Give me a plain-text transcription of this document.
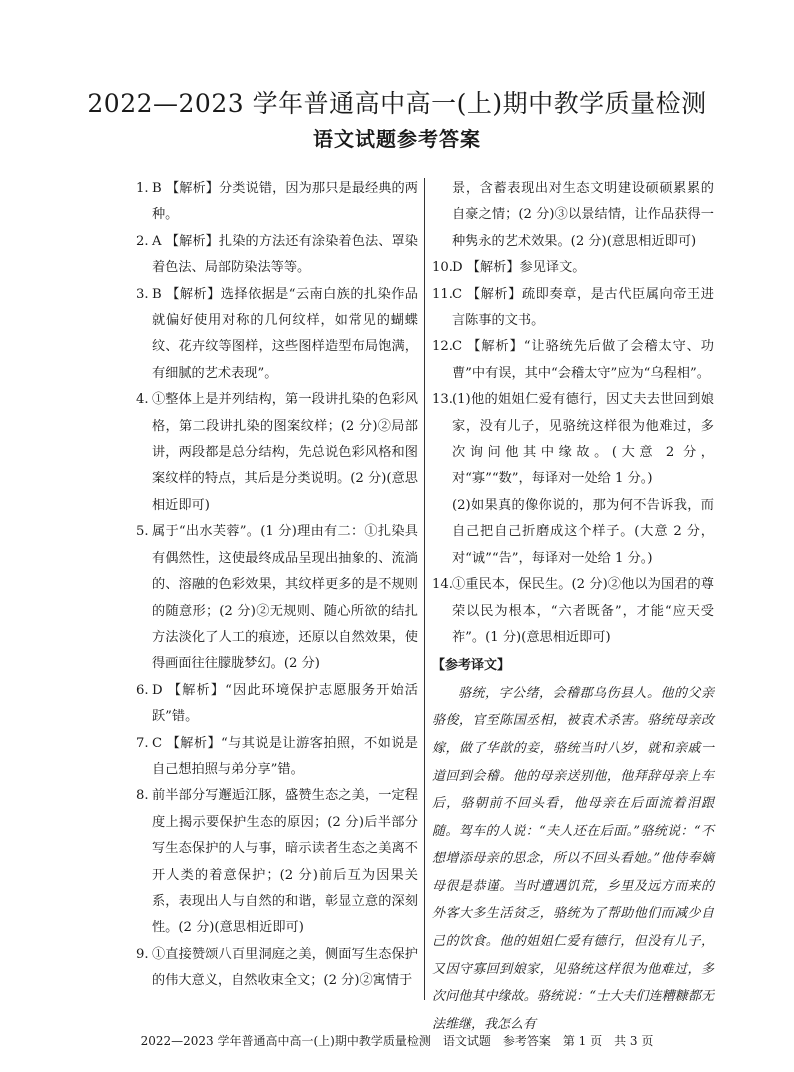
2022—2023 学年普通高中高一(上)期中教学质量检测
语文试题参考答案
1. B 【解析】分类说错，因为那只是最经典的两种。
2. A 【解析】扎染的方法还有涂染着色法、罩染着色法、局部防染法等等。
3. B 【解析】选择依据是“云南白族的扎染作品就偏好使用对称的几何纹样，如常见的蝴蝶纹、花卉纹等图样，这些图样造型布局饱满，有细腻的艺术表现”。
4. ①整体上是并列结构，第一段讲扎染的色彩风格，第二段讲扎染的图案纹样；(2 分)②局部讲，两段都是总分结构，先总说色彩风格和图案纹样的特点，其后是分类说明。(2 分)(意思相近即可)
5. 属于“出水芙蓉”。(1 分)理由有二：①扎染具有偶然性，这使最终成品呈现出抽象的、流淌的、溶融的色彩效果，其纹样更多的是不规则的随意形；(2 分)②无规则、随心所欲的结扎方法淡化了人工的痕迹，还原以自然效果，使得画面往往朦胧梦幻。(2 分)
6. D 【解析】“因此环境保护志愿服务开始活跃”错。
7. C 【解析】“与其说是让游客拍照，不如说是自己想拍照与弟分享”错。
8. 前半部分写邂逅江豚，盛赞生态之美，一定程度上揭示要保护生态的原因；(2 分)后半部分写生态保护的人与事，暗示读者生态之美离不开人类的着意保护；(2 分)前后互为因果关系，表现出人与自然的和谐，彰显立意的深刻性。(2 分)(意思相近即可)
9. ①直接赞颂八百里洞庭之美，侧面写生态保护的伟大意义，自然收束全文；(2 分)②寓情于
景，含蓄表现出对生态文明建设硕硕累累的自豪之情；(2 分)③以景结情，让作品获得一种隽永的艺术效果。(2 分)(意思相近即可)
10. D 【解析】参见译文。
11. C 【解析】疏即奏章，是古代臣属向帝王进言陈事的文书。
12. C 【解析】“让骆统先后做了会稽太守、功曹”中有误，其中“会稽太守”应为“乌程相”。
13. (1)他的姐姐仁爱有德行，因丈夫去世回到娘家，没有儿子，见骆统这样很为他难过，多次询问他其中缘故。(大意 2 分，对“寡”“数”，每译对一处给 1 分。)
(2)如果真的像你说的，那为何不告诉我，而自己把自己折磨成这个样子。(大意 2 分，对“诚”“告”，每译对一处给 1 分。)
14. ①重民本，保民生。(2 分)②他以为国君的尊荣以民为根本，“六者既备”，才能“应天受祚”。(1 分)(意思相近即可)
【参考译文】

骆统，字公绪，会稽郡乌伤县人。他的父亲骆俊，官至陈国丞相，被袁术杀害。骆统母亲改嫁，做了华歆的妾，骆统当时八岁，就和亲戚一道回到会稽。他的母亲送别他，他拜辞母亲上车后，骆朝前不回头看，他母亲在后面流着泪跟随。驾车的人说：“夫人还在后面。”骆统说：“不想增添母亲的思念，所以不回头看她。”他侍奉嫡母很是恭谨。当时遭遇饥荒，乡里及远方而来的外客大多生活贫乏，骆统为了帮助他们而减少自己的饮食。他的姐姐仁爱有德行，但没有儿子，又因守寡回到娘家，见骆统这样很为他难过，多次问他其中缘故。骆统说：“士大夫们连糟糠都无法维继，我怎么有

2022—2023 学年普通高中高一(上)期中教学质量检测　语文试题　参考答案　第 1 页　共 3 页
